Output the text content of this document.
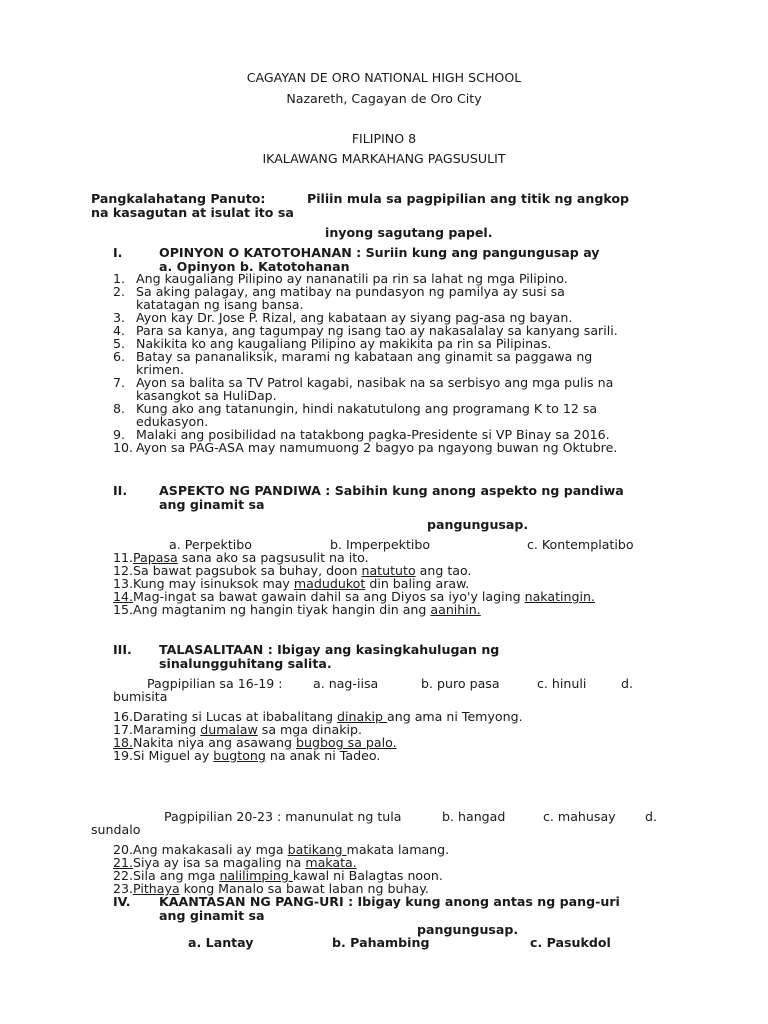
CAGAYAN DE ORO NATIONAL HIGH SCHOOL
Nazareth, Cagayan de Oro City
FILIPINO 8
IKALAWANG MARKAHANG PAGSUSULIT
Pangkalahatang Panuto:	Piliin mula sa pagpipilian ang titik ng angkop
na kasagutan at isulat ito sa
inyong sagutang papel.
I.	OPINYON O KATOTOHANAN : Suriin kung ang pangungusap ay
a. Opinyon b. Katotohanan
1. Ang kaugaliang Pilipino ay nananatili pa rin sa lahat ng mga Pilipino.
2. Sa aking palagay, ang matibay na pundasyon ng pamilya ay susi sa
katatagan ng isang bansa.
3. Ayon kay Dr. Jose P. Rizal, ang kabataan ay siyang pag-asa ng bayan.
4. Para sa kanya, ang tagumpay ng isang tao ay nakasalalay sa kanyang sarili.
5. Nakikita ko ang kaugaliang Pilipino ay makikita pa rin sa Pilipinas.
6. Batay sa pananaliksik, marami ng kabataan ang ginamit sa paggawa ng
krimen.
7. Ayon sa balita sa TV Patrol kagabi, nasibak na sa serbisyo ang mga pulis na
kasangkot sa HuliDap.
8. Kung ako ang tatanungin, hindi nakatutulong ang programang K to 12 sa
edukasyon.
9. Malaki ang posibilidad na tatakbong pagka-Presidente si VP Binay sa 2016.
10. Ayon sa PAG-ASA may namumuong 2 bagyo pa ngayong buwan ng Oktubre.
II.	ASPEKTO NG PANDIWA : Sabihin kung anong aspekto ng pandiwa
ang ginamit sa
pangungusap.
a. Perpektibo	b. Imperpektibo	c. Kontemplatibo
11.Papasa sana ako sa pagsusulit na ito.
12.Sa bawat pagsubok sa buhay, doon natututo ang tao.
13.Kung may isinuksok may madudukot din baling araw.
14.Mag-ingat sa bawat gawain dahil sa ang Diyos sa iyo'y laging nakatingin.
15.Ang magtanim ng hangin tiyak hangin din ang aanihin.
III. TALASALITAAN : Ibigay ang kasingkahulugan ng
sinalungguhitang salita.
Pagpipilian sa 16-19 : a. nag-iisa	b. puro pasa	c. hinuli	d.
bumisita
16.Darating si Lucas at ibabalitang dinakip ang ama ni Temyong.
17.Maraming dumalaw sa mga dinakip.
18.Nakita niya ang asawang bugbog sa palo.
19.Si Miguel ay bugtong na anak ni Tadeo.
Pagpipilian 20-23 : manunulat ng tula	b. hangad	c. mahusay d.
sundalo
20.Ang makakasali ay mga batikang makata lamang.
21.Siya ay isa sa magaling na makata.
22.Sila ang mga nalilimping kawal ni Balagtas noon.
23.Pithaya kong Manalo sa bawat laban ng buhay.
IV. KAANTASAN NG PANG-URI : Ibigay kung anong antas ng pang-uri
ang ginamit sa
pangungusap.
a. Lantay	b. Pahambing	c. Pasukdol
